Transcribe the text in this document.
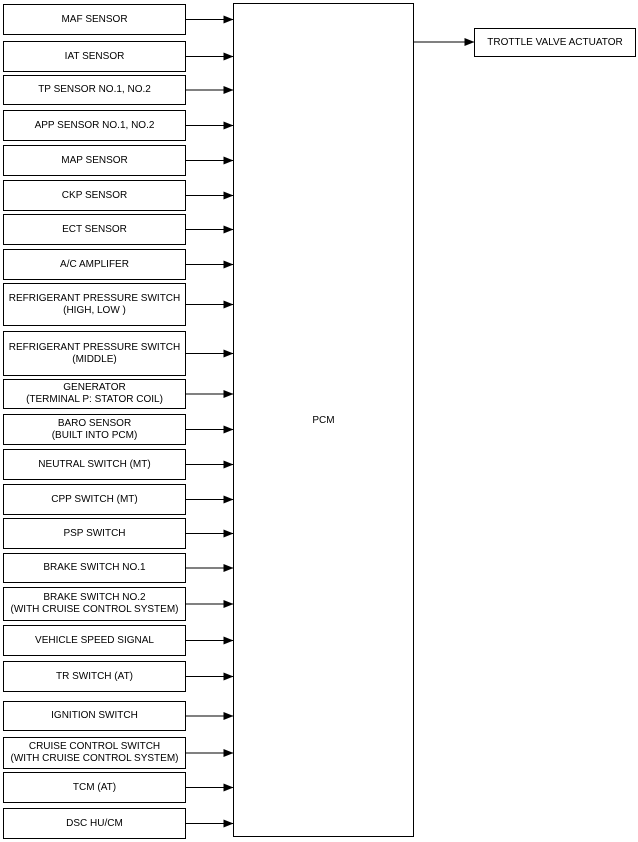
MAF SENSOR
IAT SENSOR
TP SENSOR NO.1, NO.2
APP SENSOR NO.1, NO.2
MAP SENSOR
CKP SENSOR
ECT SENSOR
A/C AMPLIFER
REFRIGERANT PRESSURE SWITCH
(HIGH, LOW )
REFRIGERANT PRESSURE SWITCH
(MIDDLE)
GENERATOR
(TERMINAL P: STATOR COIL)
BARO SENSOR
(BUILT INTO PCM)
NEUTRAL SWITCH (MT)
CPP SWITCH (MT)
PSP SWITCH
BRAKE SWITCH NO.1
BRAKE SWITCH NO.2
(WITH CRUISE CONTROL SYSTEM)
VEHICLE SPEED SIGNAL
TR SWITCH (AT)
IGNITION SWITCH
CRUISE CONTROL SWITCH
(WITH CRUISE CONTROL SYSTEM)
TCM (AT)
DSC HU/CM
PCM
TROTTLE VALVE ACTUATOR
